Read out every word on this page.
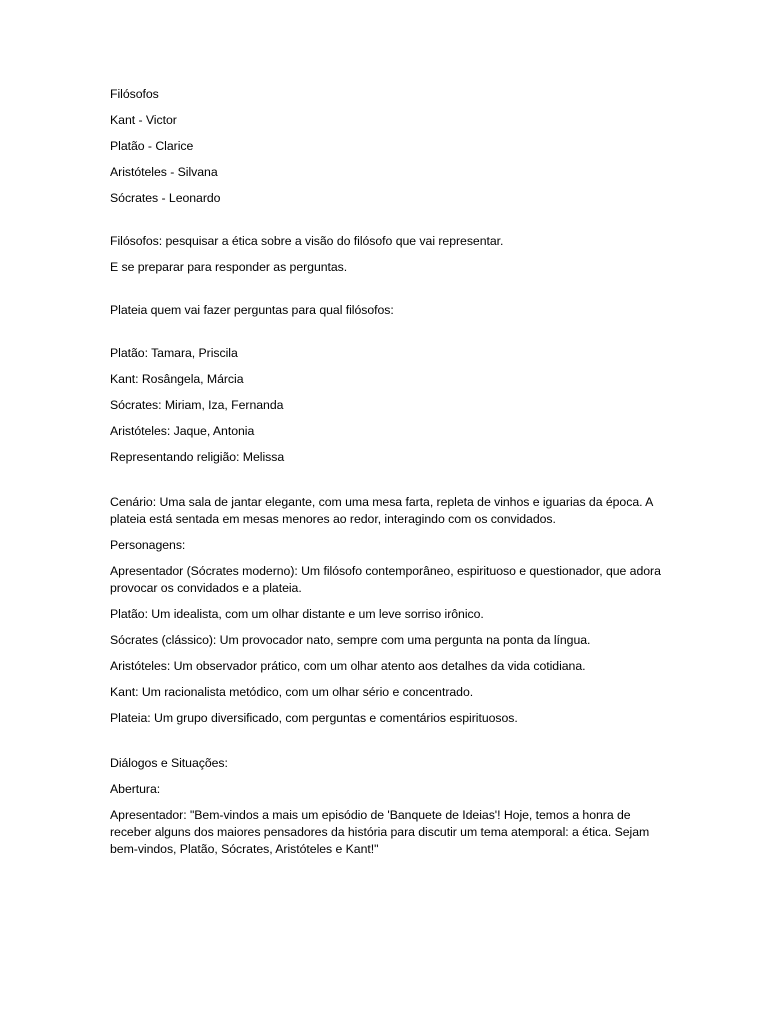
Filósofos

Kant - Victor

Platão - Clarice

Aristóteles - Silvana

Sócrates - Leonardo

Filósofos: pesquisar a ética sobre a visão do filósofo que vai representar.

E se preparar para responder as perguntas.

Plateia quem vai fazer perguntas para qual filósofos:

Platão: Tamara, Priscila

Kant: Rosângela, Márcia

Sócrates: Miriam, Iza, Fernanda

Aristóteles: Jaque, Antonia

Representando religião: Melissa

Cenário: Uma sala de jantar elegante, com uma mesa farta, repleta de vinhos e iguarias da época. A plateia está sentada em mesas menores ao redor, interagindo com os convidados.

Personagens:

Apresentador (Sócrates moderno): Um filósofo contemporâneo, espirituoso e questionador, que adora provocar os convidados e a plateia.

Platão: Um idealista, com um olhar distante e um leve sorriso irônico.

Sócrates (clássico): Um provocador nato, sempre com uma pergunta na ponta da língua.

Aristóteles: Um observador prático, com um olhar atento aos detalhes da vida cotidiana.

Kant: Um racionalista metódico, com um olhar sério e concentrado.

Plateia: Um grupo diversificado, com perguntas e comentários espirituosos.

Diálogos e Situações:

Abertura:

Apresentador: "Bem-vindos a mais um episódio de 'Banquete de Ideias'! Hoje, temos a honra de receber alguns dos maiores pensadores da história para discutir um tema atemporal: a ética. Sejam bem-vindos, Platão, Sócrates, Aristóteles e Kant!"
